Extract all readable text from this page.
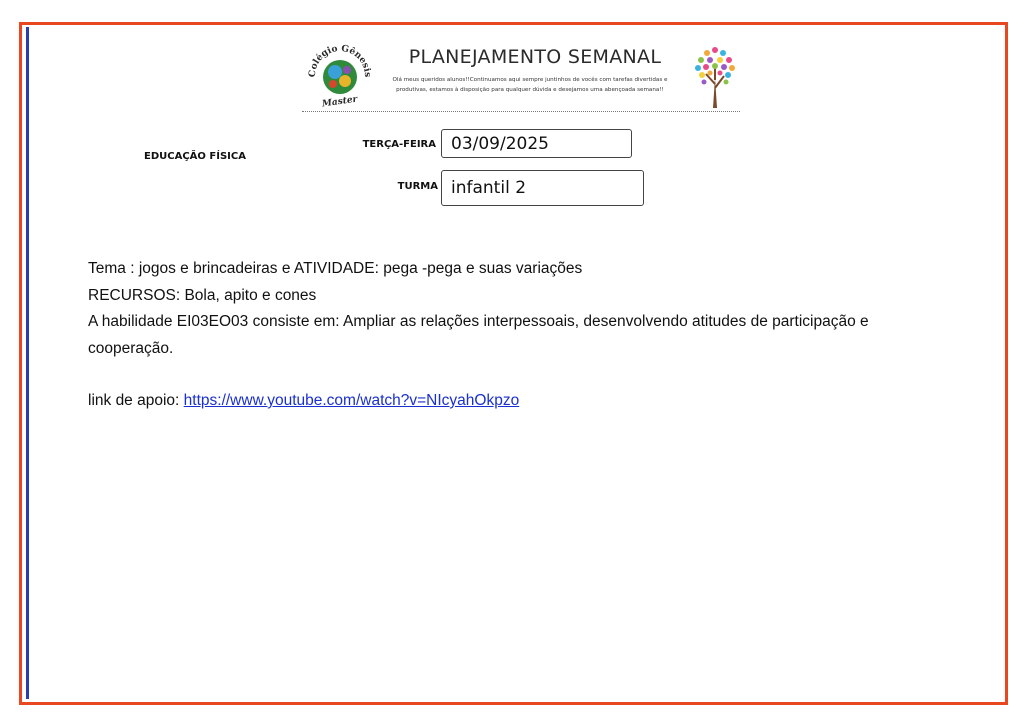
Colégio Gênesis
Master
PLANEJAMENTO SEMANAL
Olá meus queridos alunos!!Continuamos aqui sempre juntinhos de vocês com tarefas divertidas e produtivas, estamos à disposição para qualquer dúvida e desejamos uma abençoada semana!!
EDUCAÇÃO FÍSICA
TERÇA-FEIRA 03/09/2025
TURMA infantil 2

Tema : jogos e brincadeiras e ATIVIDADE: pega -pega e suas variações

RECURSOS: Bola, apito e cones

A habilidade EI03EO03 consiste em: Ampliar as relações interpessoais, desenvolvendo atitudes de participação e cooperação.

link de apoio: https://www.youtube.com/watch?v=NIcyahOkpzo
